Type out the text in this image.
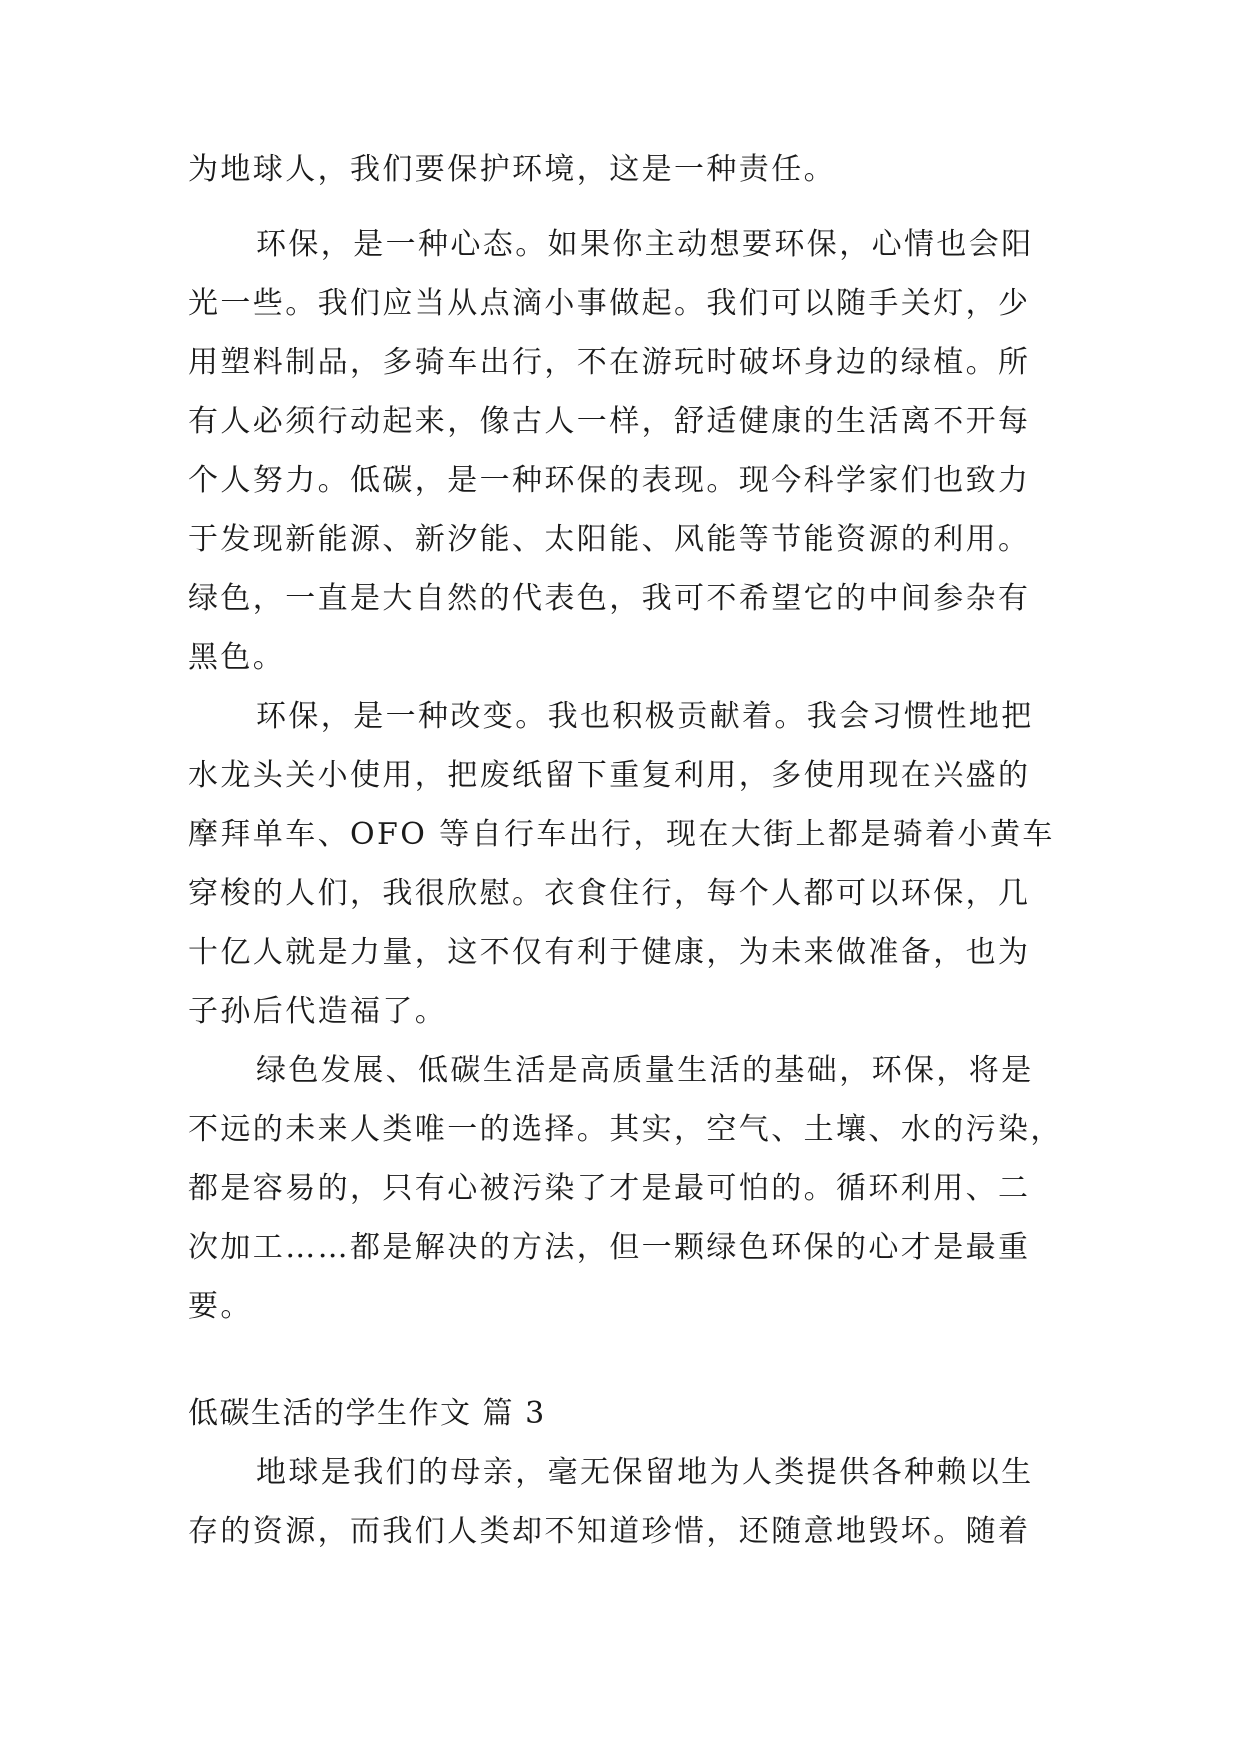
为地球人，我们要保护环境，这是一种责任。
环保，是一种心态。如果你主动想要环保，心情也会阳
光一些。我们应当从点滴小事做起。我们可以随手关灯，少
用塑料制品，多骑车出行，不在游玩时破坏身边的绿植。所
有人必须行动起来，像古人一样，舒适健康的生活离不开每
个人努力。低碳，是一种环保的表现。现今科学家们也致力
于发现新能源、新汐能、太阳能、风能等节能资源的利用。
绿色，一直是大自然的代表色，我可不希望它的中间参杂有
黑色。
环保，是一种改变。我也积极贡献着。我会习惯性地把
水龙头关小使用，把废纸留下重复利用，多使用现在兴盛的
摩拜单车、OFO 等自行车出行，现在大街上都是骑着小黄车
穿梭的人们，我很欣慰。衣食住行，每个人都可以环保，几
十亿人就是力量，这不仅有利于健康，为未来做准备，也为
子孙后代造福了。
绿色发展、低碳生活是高质量生活的基础，环保，将是
不远的未来人类唯一的选择。其实，空气、土壤、水的污染，
都是容易的，只有心被污染了才是最可怕的。循环利用、二
次加工……都是解决的方法，但一颗绿色环保的心才是最重
要。
低碳生活的学生作文 篇 3
地球是我们的母亲，毫无保留地为人类提供各种赖以生
存的资源，而我们人类却不知道珍惜，还随意地毁坏。随着
